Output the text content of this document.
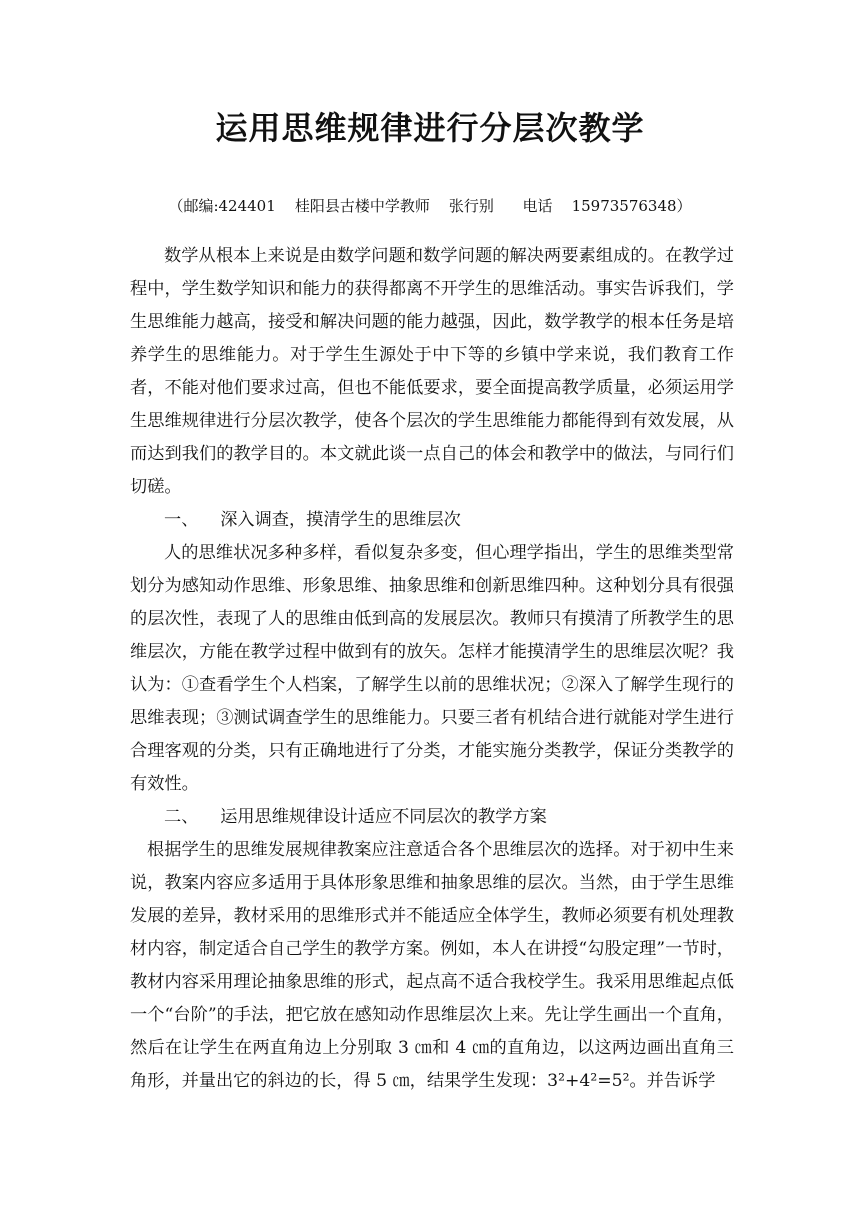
运用思维规律进行分层次教学
（邮编:424401    桂阳县古楼中学教师    张行别      电话    15973576348）

数学从根本上来说是由数学问题和数学问题的解决两要素组成的。在教学过程中，学生数学知识和能力的获得都离不开学生的思维活动。事实告诉我们，学生思维能力越高，接受和解决问题的能力越强，因此，数学教学的根本任务是培养学生的思维能力。对于学生生源处于中下等的乡镇中学来说，我们教育工作者，不能对他们要求过高，但也不能低要求，要全面提高教学质量，必须运用学生思维规律进行分层次教学，使各个层次的学生思维能力都能得到有效发展，从而达到我们的教学目的。本文就此谈一点自己的体会和教学中的做法，与同行们切磋。

一、    深入调查，摸清学生的思维层次

人的思维状况多种多样，看似复杂多变，但心理学指出，学生的思维类型常划分为感知动作思维、形象思维、抽象思维和创新思维四种。这种划分具有很强的层次性，表现了人的思维由低到高的发展层次。教师只有摸清了所教学生的思维层次，方能在教学过程中做到有的放矢。怎样才能摸清学生的思维层次呢？我认为：①查看学生个人档案，了解学生以前的思维状况；②深入了解学生现行的思维表现；③测试调查学生的思维能力。只要三者有机结合进行就能对学生进行合理客观的分类，只有正确地进行了分类，才能实施分类教学，保证分类教学的有效性。

二、    运用思维规律设计适应不同层次的教学方案

根据学生的思维发展规律教案应注意适合各个思维层次的选择。对于初中生来说，教案内容应多适用于具体形象思维和抽象思维的层次。当然，由于学生思维发展的差异，教材采用的思维形式并不能适应全体学生，教师必须要有机处理教材内容，制定适合自己学生的教学方案。例如，本人在讲授“勾股定理”一节时，教材内容采用理论抽象思维的形式，起点高不适合我校学生。我采用思维起点低一个“台阶”的手法，把它放在感知动作思维层次上来。先让学生画出一个直角，然后在让学生在两直角边上分别取 3 ㎝和 4 ㎝的直角边，以这两边画出直角三角形，并量出它的斜边的长，得 5 ㎝，结果学生发现：3²+4²=5²。并告诉学
